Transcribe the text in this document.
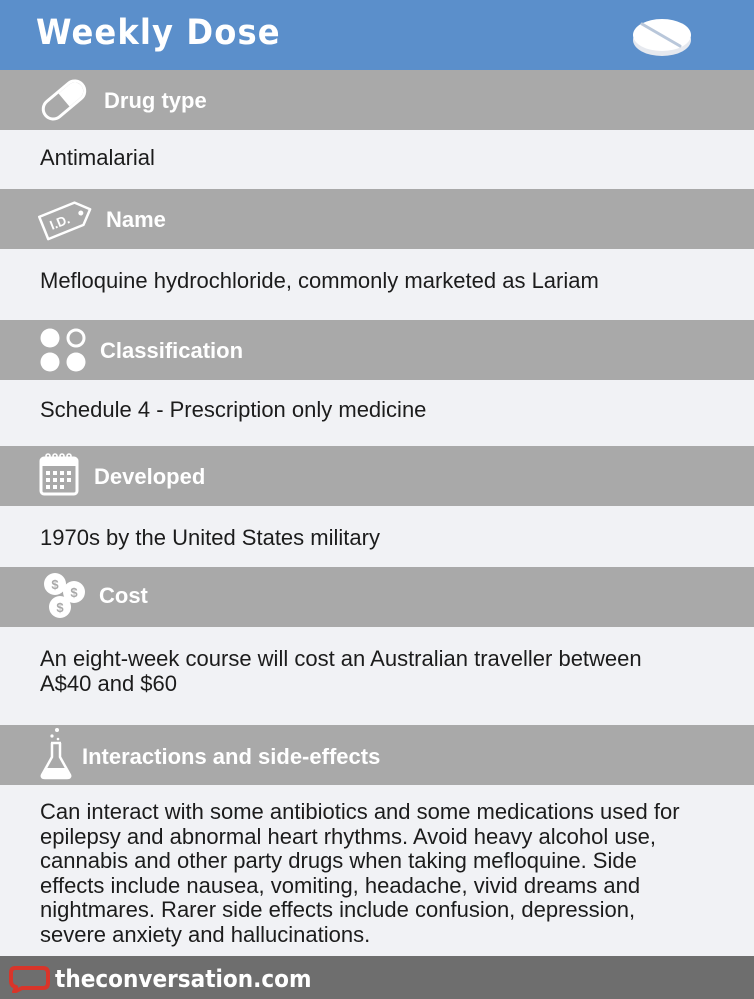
Weekly Dose
Drug type
Antimalarial
I.D. Name
Mefloquine hydrochloride, commonly marketed as Lariam
Classification
Schedule 4 - Prescription only medicine
Developed
1970s by the United States military
$
$
$ Cost
An eight-week course will cost an Australian traveller between
A$40 and $60
Interactions and side-effects
Can interact with some antibiotics and some medications used for
epilepsy and abnormal heart rhythms. Avoid heavy alcohol use,
cannabis and other party drugs when taking mefloquine. Side
effects include nausea, vomiting, headache, vivid dreams and
nightmares. Rarer side effects include confusion, depression,
severe anxiety and hallucinations.
theconversation.com
